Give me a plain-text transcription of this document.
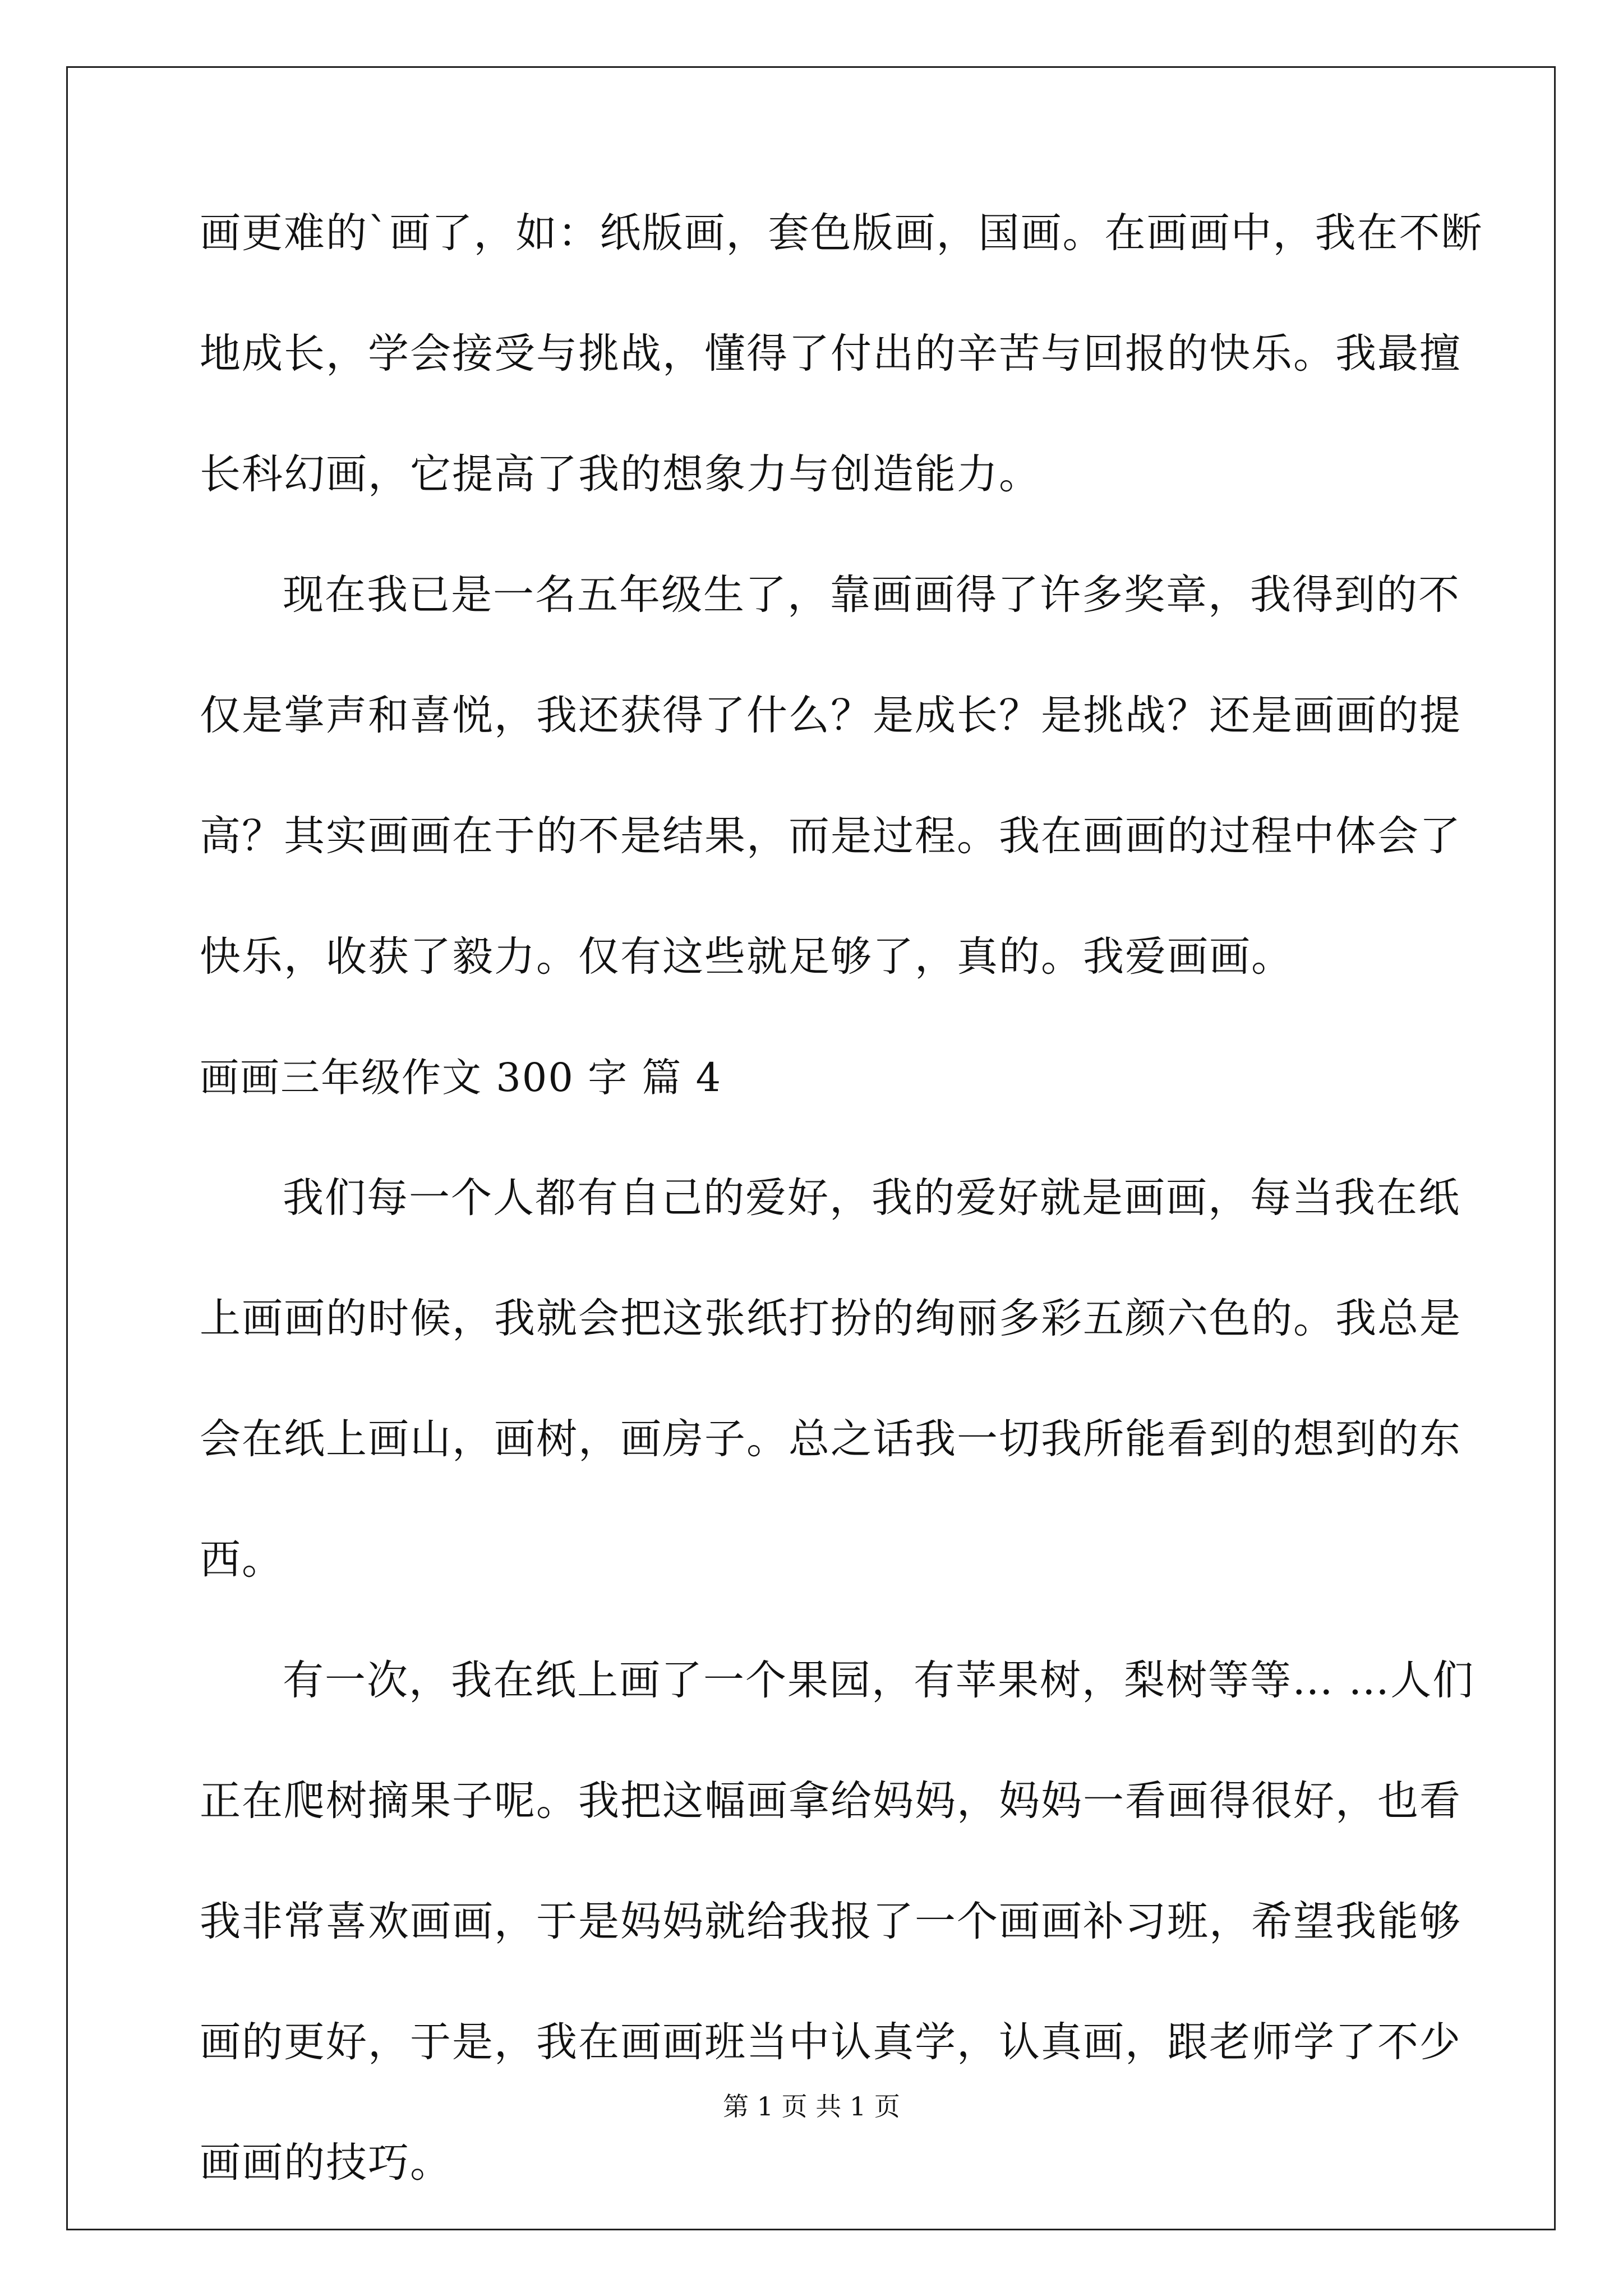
画更难的`画了，如：纸版画，套色版画，国画。在画画中，我在不断
地成长，学会接受与挑战，懂得了付出的辛苦与回报的快乐。我最擅
长科幻画，它提高了我的想象力与创造能力。
现在我已是一名五年级生了，靠画画得了许多奖章，我得到的不
仅是掌声和喜悦，我还获得了什么？是成长？是挑战？还是画画的提
高？其实画画在于的不是结果，而是过程。我在画画的过程中体会了
快乐，收获了毅力。仅有这些就足够了，真的。我爱画画。
画画三年级作文 300 字 篇 4
我们每一个人都有自己的爱好，我的爱好就是画画，每当我在纸
上画画的时候，我就会把这张纸打扮的绚丽多彩五颜六色的。我总是
会在纸上画山，画树，画房子。总之话我一切我所能看到的想到的东
西。
有一次，我在纸上画了一个果园，有苹果树，梨树等等… …人们
正在爬树摘果子呢。我把这幅画拿给妈妈，妈妈一看画得很好，也看
我非常喜欢画画，于是妈妈就给我报了一个画画补习班，希望我能够
画的更好，于是，我在画画班当中认真学，认真画，跟老师学了不少
画画的技巧。
第 1 页 共 1 页
